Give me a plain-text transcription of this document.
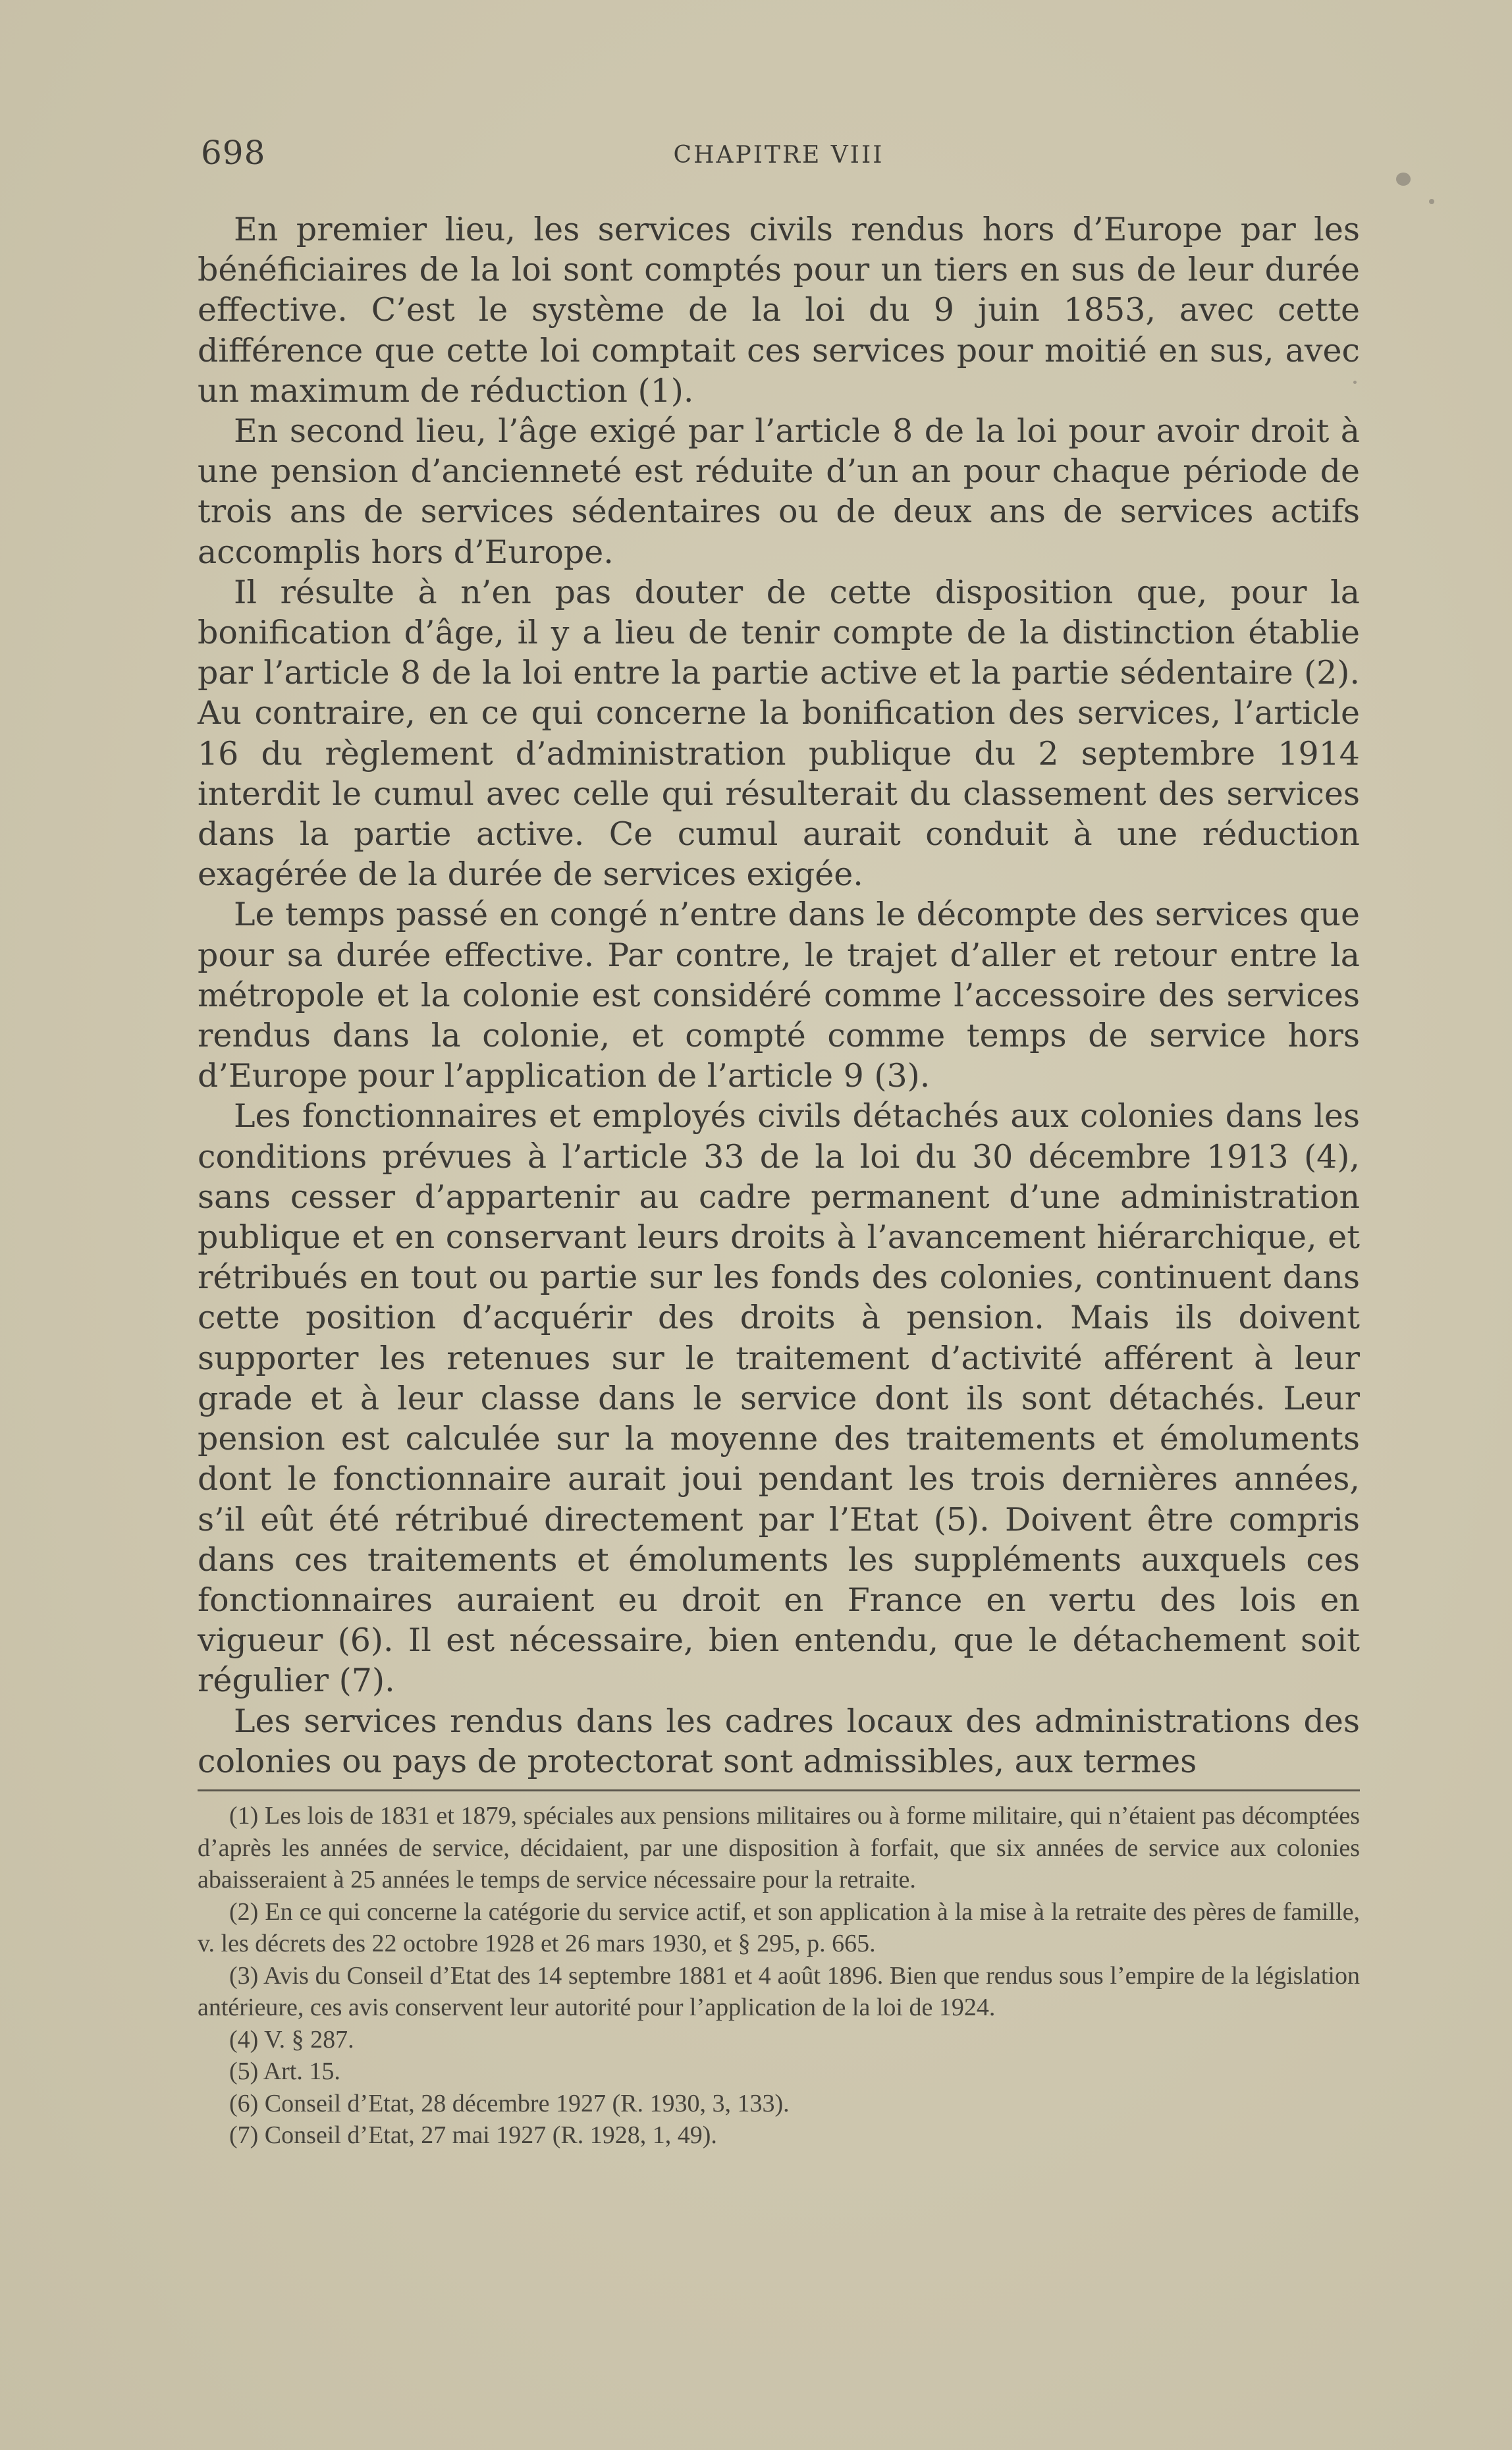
698	CHAPITRE VIII

En premier lieu, les services civils rendus hors d’Europe par les bénéficiaires de la loi sont comptés pour un tiers en sus de leur durée effective. C’est le système de la loi du 9 juin 1853, avec cette différence que cette loi comptait ces services pour moitié en sus, avec un maximum de réduction (1).

En second lieu, l’âge exigé par l’article 8 de la loi pour avoir droit à une pension d’ancienneté est réduite d’un an pour chaque période de trois ans de services sédentaires ou de deux ans de services actifs accomplis hors d’Europe.

Il résulte à n’en pas douter de cette disposition que, pour la bonification d’âge, il y a lieu de tenir compte de la distinction établie par l’article 8 de la loi entre la partie active et la partie sédentaire (2). Au contraire, en ce qui concerne la bonification des services, l’article 16 du règlement d’administration publique du 2 septembre 1914 interdit le cumul avec celle qui résulterait du classement des services dans la partie active. Ce cumul aurait conduit à une réduction exagérée de la durée de services exigée.

Le temps passé en congé n’entre dans le décompte des services que pour sa durée effective. Par contre, le trajet d’aller et retour entre la métropole et la colonie est considéré comme l’accessoire des services rendus dans la colonie, et compté comme temps de service hors d’Europe pour l’application de l’article 9 (3).

Les fonctionnaires et employés civils détachés aux colonies dans les conditions prévues à l’article 33 de la loi du 30 décembre 1913 (4), sans cesser d’appartenir au cadre permanent d’une administration publique et en conservant leurs droits à l’avancement hiérarchique, et rétribués en tout ou partie sur les fonds des colonies, continuent dans cette position d’acquérir des droits à pension. Mais ils doivent supporter les retenues sur le traitement d’activité afférent à leur grade et à leur classe dans le service dont ils sont détachés. Leur pension est calculée sur la moyenne des traitements et émoluments dont le fonctionnaire aurait joui pendant les trois dernières années, s’il eût été rétribué directement par l’Etat (5). Doivent être compris dans ces traitements et émoluments les suppléments auxquels ces fonctionnaires auraient eu droit en France en vertu des lois en vigueur (6). Il est nécessaire, bien entendu, que le détachement soit régulier (7).

Les services rendus dans les cadres locaux des administrations des colonies ou pays de protectorat sont admissibles, aux termes

(1) Les lois de 1831 et 1879, spéciales aux pensions militaires ou à forme militaire, qui n’étaient pas décomptées d’après les années de service, décidaient, par une disposition à forfait, que six années de service aux colonies abaisseraient à 25 années le temps de service nécessaire pour la retraite.

(2) En ce qui concerne la catégorie du service actif, et son application à la mise à la retraite des pères de famille, v. les décrets des 22 octobre 1928 et 26 mars 1930, et § 295, p. 665.

(3) Avis du Conseil d’Etat des 14 septembre 1881 et 4 août 1896. Bien que rendus sous l’empire de la législation antérieure, ces avis conservent leur autorité pour l’application de la loi de 1924.

(4) V. § 287.

(5) Art. 15.

(6) Conseil d’Etat, 28 décembre 1927 (R. 1930, 3, 133).

(7) Conseil d’Etat, 27 mai 1927 (R. 1928, 1, 49).
